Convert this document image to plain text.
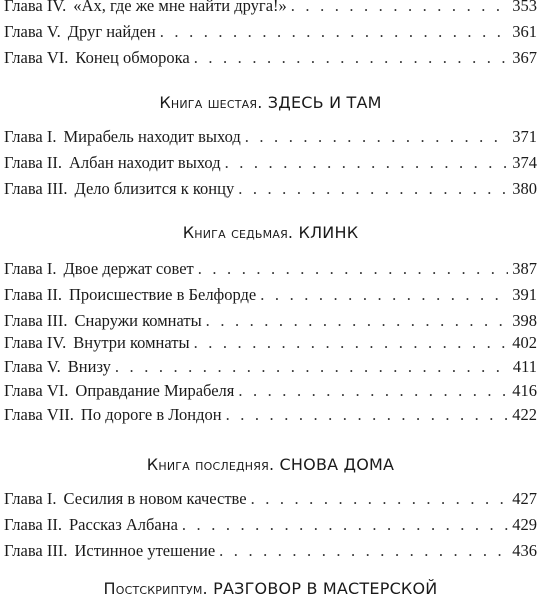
Глава IV. «Ах, где же мне найти друга!» . . .	353
Глава V. Друг найден . . .	361
Глава VI. Конец обморока . . .	367
Книга шестая. ЗДЕСЬ И ТАМ
Глава I. Мирабель находит выход . . .	371
Глава II. Албан находит выход . . .	374
Глава III. Дело близится к концу . . .	380
Книга седьмая. КЛИНК
Глава I. Двое держат совет . . .	387
Глава II. Происшествие в Белфорде . . .	391
Глава III. Снаружи комнаты . . .	398
Глава IV. Внутри комнаты . . .	402
Глава V. Внизу . . .	411
Глава VI. Оправдание Мирабеля . . .	416
Глава VII. По дороге в Лондон . . .	422
Книга последняя. СНОВА ДОМА
Глава I. Сесилия в новом качестве . . .	427
Глава II. Рассказ Албана . . .	429
Глава III. Истинное утешение . . .	436
Постскриптум. РАЗГОВОР В МАСТЕРСКОЙ
